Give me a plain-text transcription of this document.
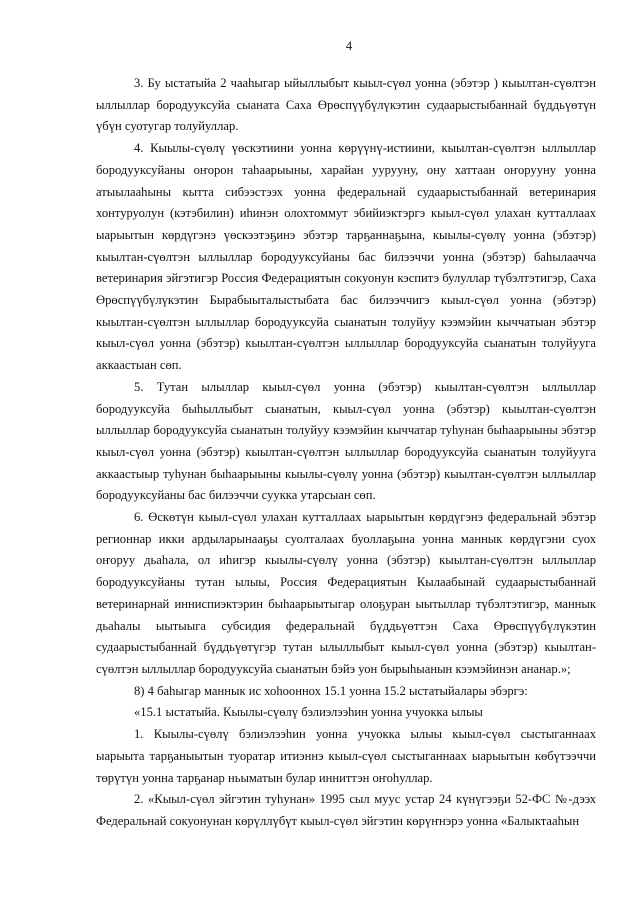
4

3. Бу ыстатыйа 2 чааһыгар ыйыллыбыт кыыл-сүөл уонна (эбэтэр ) кыылтан-сүөлтэн ыллыллар бородууксуйа сыаната Саха Өрөспүүбүлүкэтин судаарыстыбаннай бүддьүөтүн үбүн суотугар толуйуллар.

4. Кыылы-сүөлү үөскэтиини уонна көрүүнү-истиини, кыылтан-сүөлтэн ыллыллар бородууксуйаны оҥорон таһаарыыны, харайан уурууну, ону хаттаан оҥорууну уонна атыылааһыны кытта сибээстээх уонна федеральнай судаарыстыбаннай ветеринария хонтуруолун (кэтэбилин) иһинэн олохтоммут эбийиэктэргэ кыыл-сүөл улахан кутталлаах ыарыытын көрдүгэнэ үөскээтэҕинэ эбэтэр тарҕаннаҕына, кыылы-сүөлү уонна (эбэтэр) кыылтан-сүөлтэн ыллыллар бородууксуйаны бас билээччи уонна (эбэтэр) баһылаачча ветеринария эйгэтигэр Россия Федерациятын сокуонун кэспитэ булуллар түбэлтэтигэр, Саха Өрөспүүбүлүкэтин Бырабыыталыстыбата бас билээччигэ кыыл-сүөл уонна (эбэтэр) кыылтан-сүөлтэн ыллыллар бородууксуйа сыанатын толуйуу кээмэйин кыччатыан эбэтэр кыыл-сүөл уонна (эбэтэр) кыылтан-сүөлтэн ыллыллар бородууксуйа сыанатын толуйууга аккаастыан сөп.

5. Тутан ылыллар кыыл-сүөл уонна (эбэтэр) кыылтан-сүөлтэн ыллыллар бородууксуйа быһыллыбыт сыанатын, кыыл-сүөл уонна (эбэтэр) кыылтан-сүөлтэн ыллыллар бородууксуйа сыанатын толуйуу кээмэйин кыччатар туһунан быһаарыыны эбэтэр кыыл-сүөл уонна (эбэтэр) кыылтан-сүөлтэн ыллыллар бородууксуйа сыанатын толуйууга аккаастыыр туһунан быһаарыыны кыылы-сүөлү уонна (эбэтэр) кыылтан-сүөлтэн ыллыллар бородууксуйаны бас билээччи суукка утарсыан сөп.

6. Өскөтүн кыыл-сүөл улахан кутталлаах ыарыытын көрдүгэнэ федеральнай эбэтэр регионнар икки ардыларынааҕы суолталаах буоллаҕына уонна маннык көрдүгэни суох оҥоруу дьаһала, ол иһигэр кыылы-сүөлү уонна (эбэтэр) кыылтан-сүөлтэн ыллыллар бородууксуйаны тутан ылыы, Россия Федерациятын Кылаабынай судаарыстыбаннай ветеринарнай инниспиэктэрин быһаарыытыгар олоҕуран ыытыллар түбэлтэтигэр, маннык дьаһалы ыытыыга субсидия федеральнай бүддьүөттэн Саха Өрөспүүбүлүкэтин судаарыстыбаннай бүддьүөтүгэр тутан ылыллыбыт кыыл-сүөл уонна (эбэтэр) кыылтан-сүөлтэн ыллыллар бородууксуйа сыанатын бэйэ уон бырыһыанын кээмэйинэн ананар.»;

8) 4 баһыгар маннык ис хоһооннох 15.1 уонна 15.2 ыстатыйалары эбэргэ:

«15.1 ыстатыйа. Кыылы-сүөлү бэлиэлээһин уонна учуокка ылыы

1. Кыылы-сүөлү бэлиэлээһин уонна учуокка ылыы кыыл-сүөл сыстыганнаах ыарыыта тарҕаныытын туоратар итиэннэ кыыл-сүөл сыстыганнаах ыарыытын көбүтээччи төрүтүн уонна тарҕанар ньыматын булар инниттэн оҥоһуллар.

2. «Кыыл-сүөл эйгэтин туһунан» 1995 сыл муус устар 24 күнүгээҕи 52-ФС №-дээх Федеральнай сокуонунан көрүллүбүт кыыл-сүөл эйгэтин көрүҥнэрэ уонна «Балыктааһын
